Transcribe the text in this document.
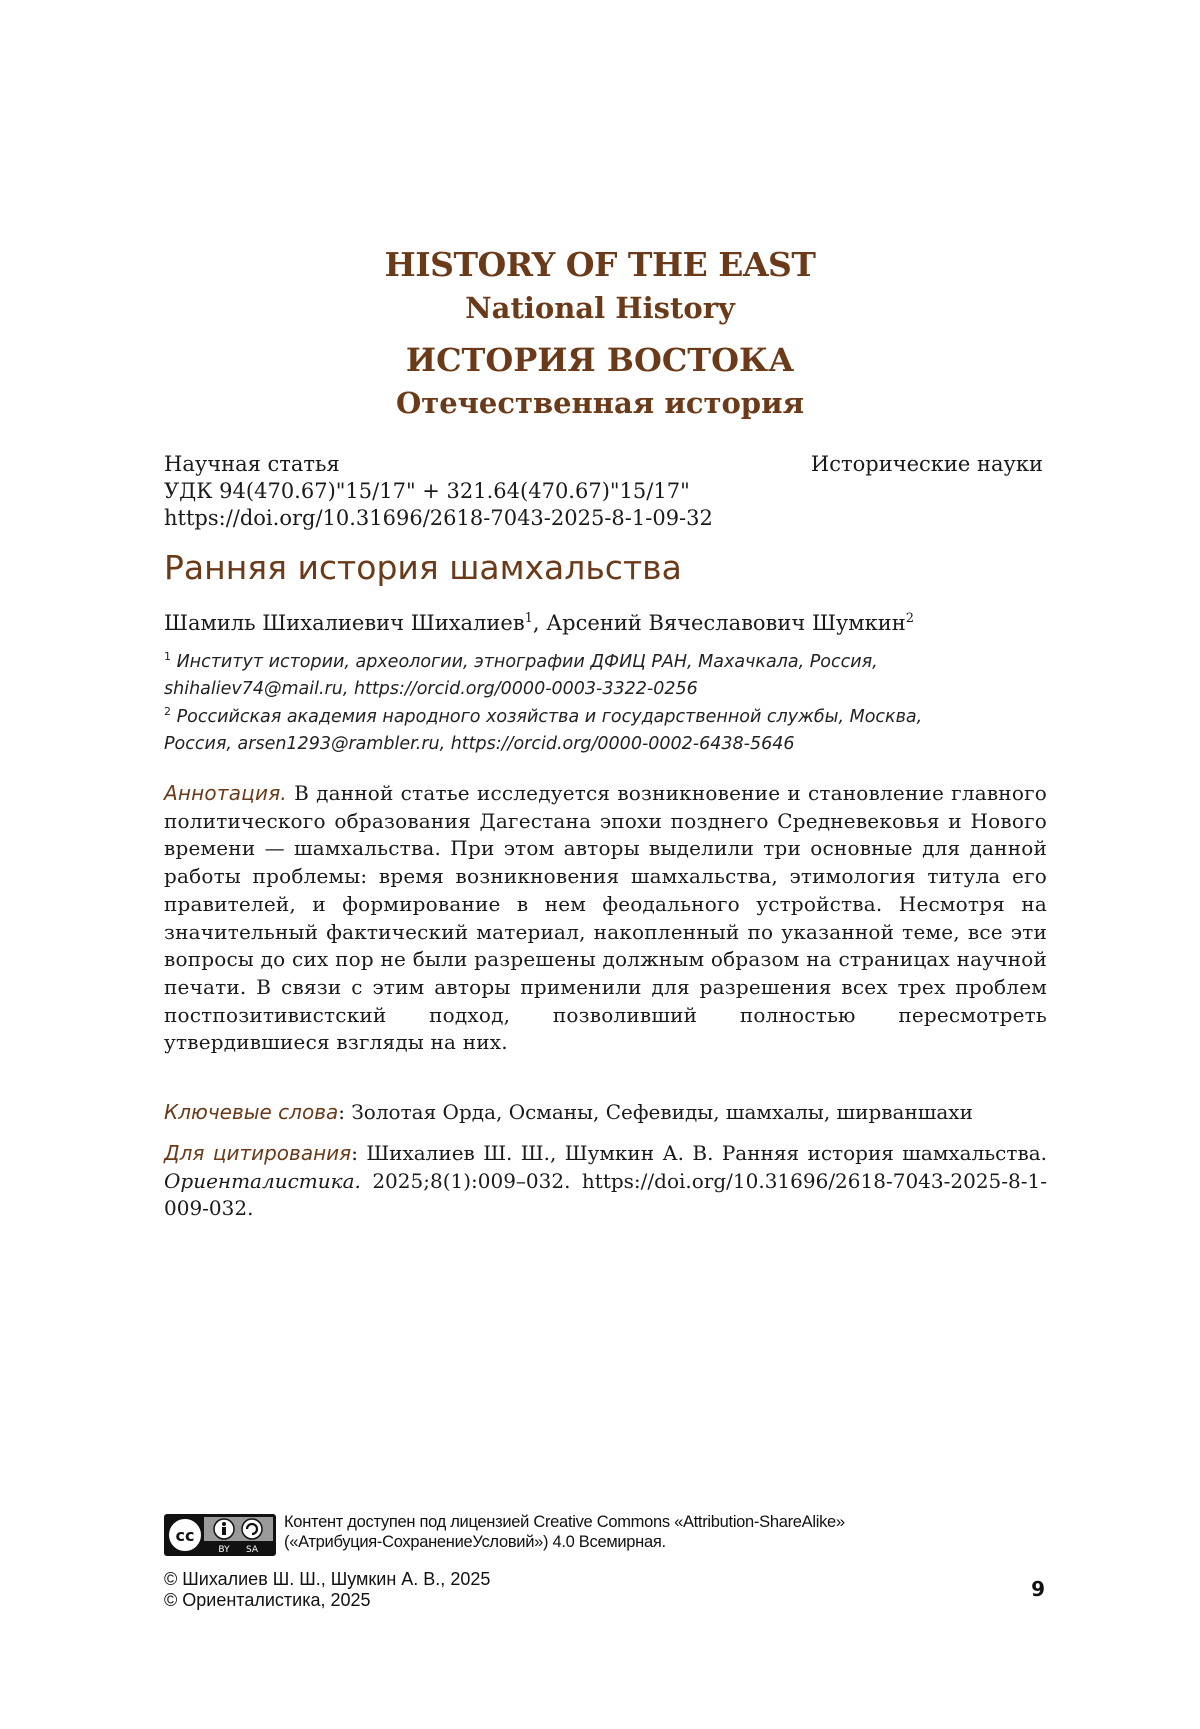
HISTORY OF THE EAST
National History
ИСТОРИЯ ВОСТОКА
Отечественная история
Научная статья	Исторические науки
УДК 94(470.67)"15/17" + 321.64(470.67)"15/17"
https://doi.org/10.31696/2618-7043-2025-8-1-09-32
Ранняя история шамхальства
Шамиль Шихалиевич Шихалиев$^1$, Арсений Вячеславович Шумкин$^2$
$^1$ Институт истории, археологии, этнографии ДФИЦ РАН, Махачкала, Россия,
shihaliev74@mail.ru, https://orcid.org/0000-0003-3322-0256
$^2$ Российская академия народного хозяйства и государственной службы, Москва,
Россия, arsen1293@rambler.ru, https://orcid.org/0000-0002-6438-5646
Аннотация. В данной статье исследуется возникновение и становление главного политического образования Дагестана эпохи позднего Средневековья и Нового времени — шамхальства. При этом авторы выделили три основные для данной работы проблемы: время возникновения шамхальства, этимология титула его правителей, и формирование в нем феодального устройства. Несмотря на значительный фактический материал, накопленный по указанной теме, все эти вопросы до сих пор не были разрешены должным образом на страницах научной печати. В связи с этим авторы применили для разрешения всех трех проблем постпозитивистский подход, позволивший полностью пересмотреть утвердившиеся взгляды на них.
Ключевые слова: Золотая Орда, Османы, Сефевиды, шамхалы, ширваншахи
Для цитирования: Шихалиев Ш. Ш., Шумкин А. В. Ранняя история шамхальства. Ориенталистика. 2025;8(1):009–032. https://doi.org/10.31696/2618-7043-2025-8-1-009-032.
cc
BY SA
Контент доступен под лицензией Creative Commons «Attribution-ShareAlike»
(«Атрибуция-СохранениеУсловий») 4.0 Всемирная.
© Шихалиев Ш. Ш., Шумкин А. В., 2025
© Ориенталистика, 2025	9
